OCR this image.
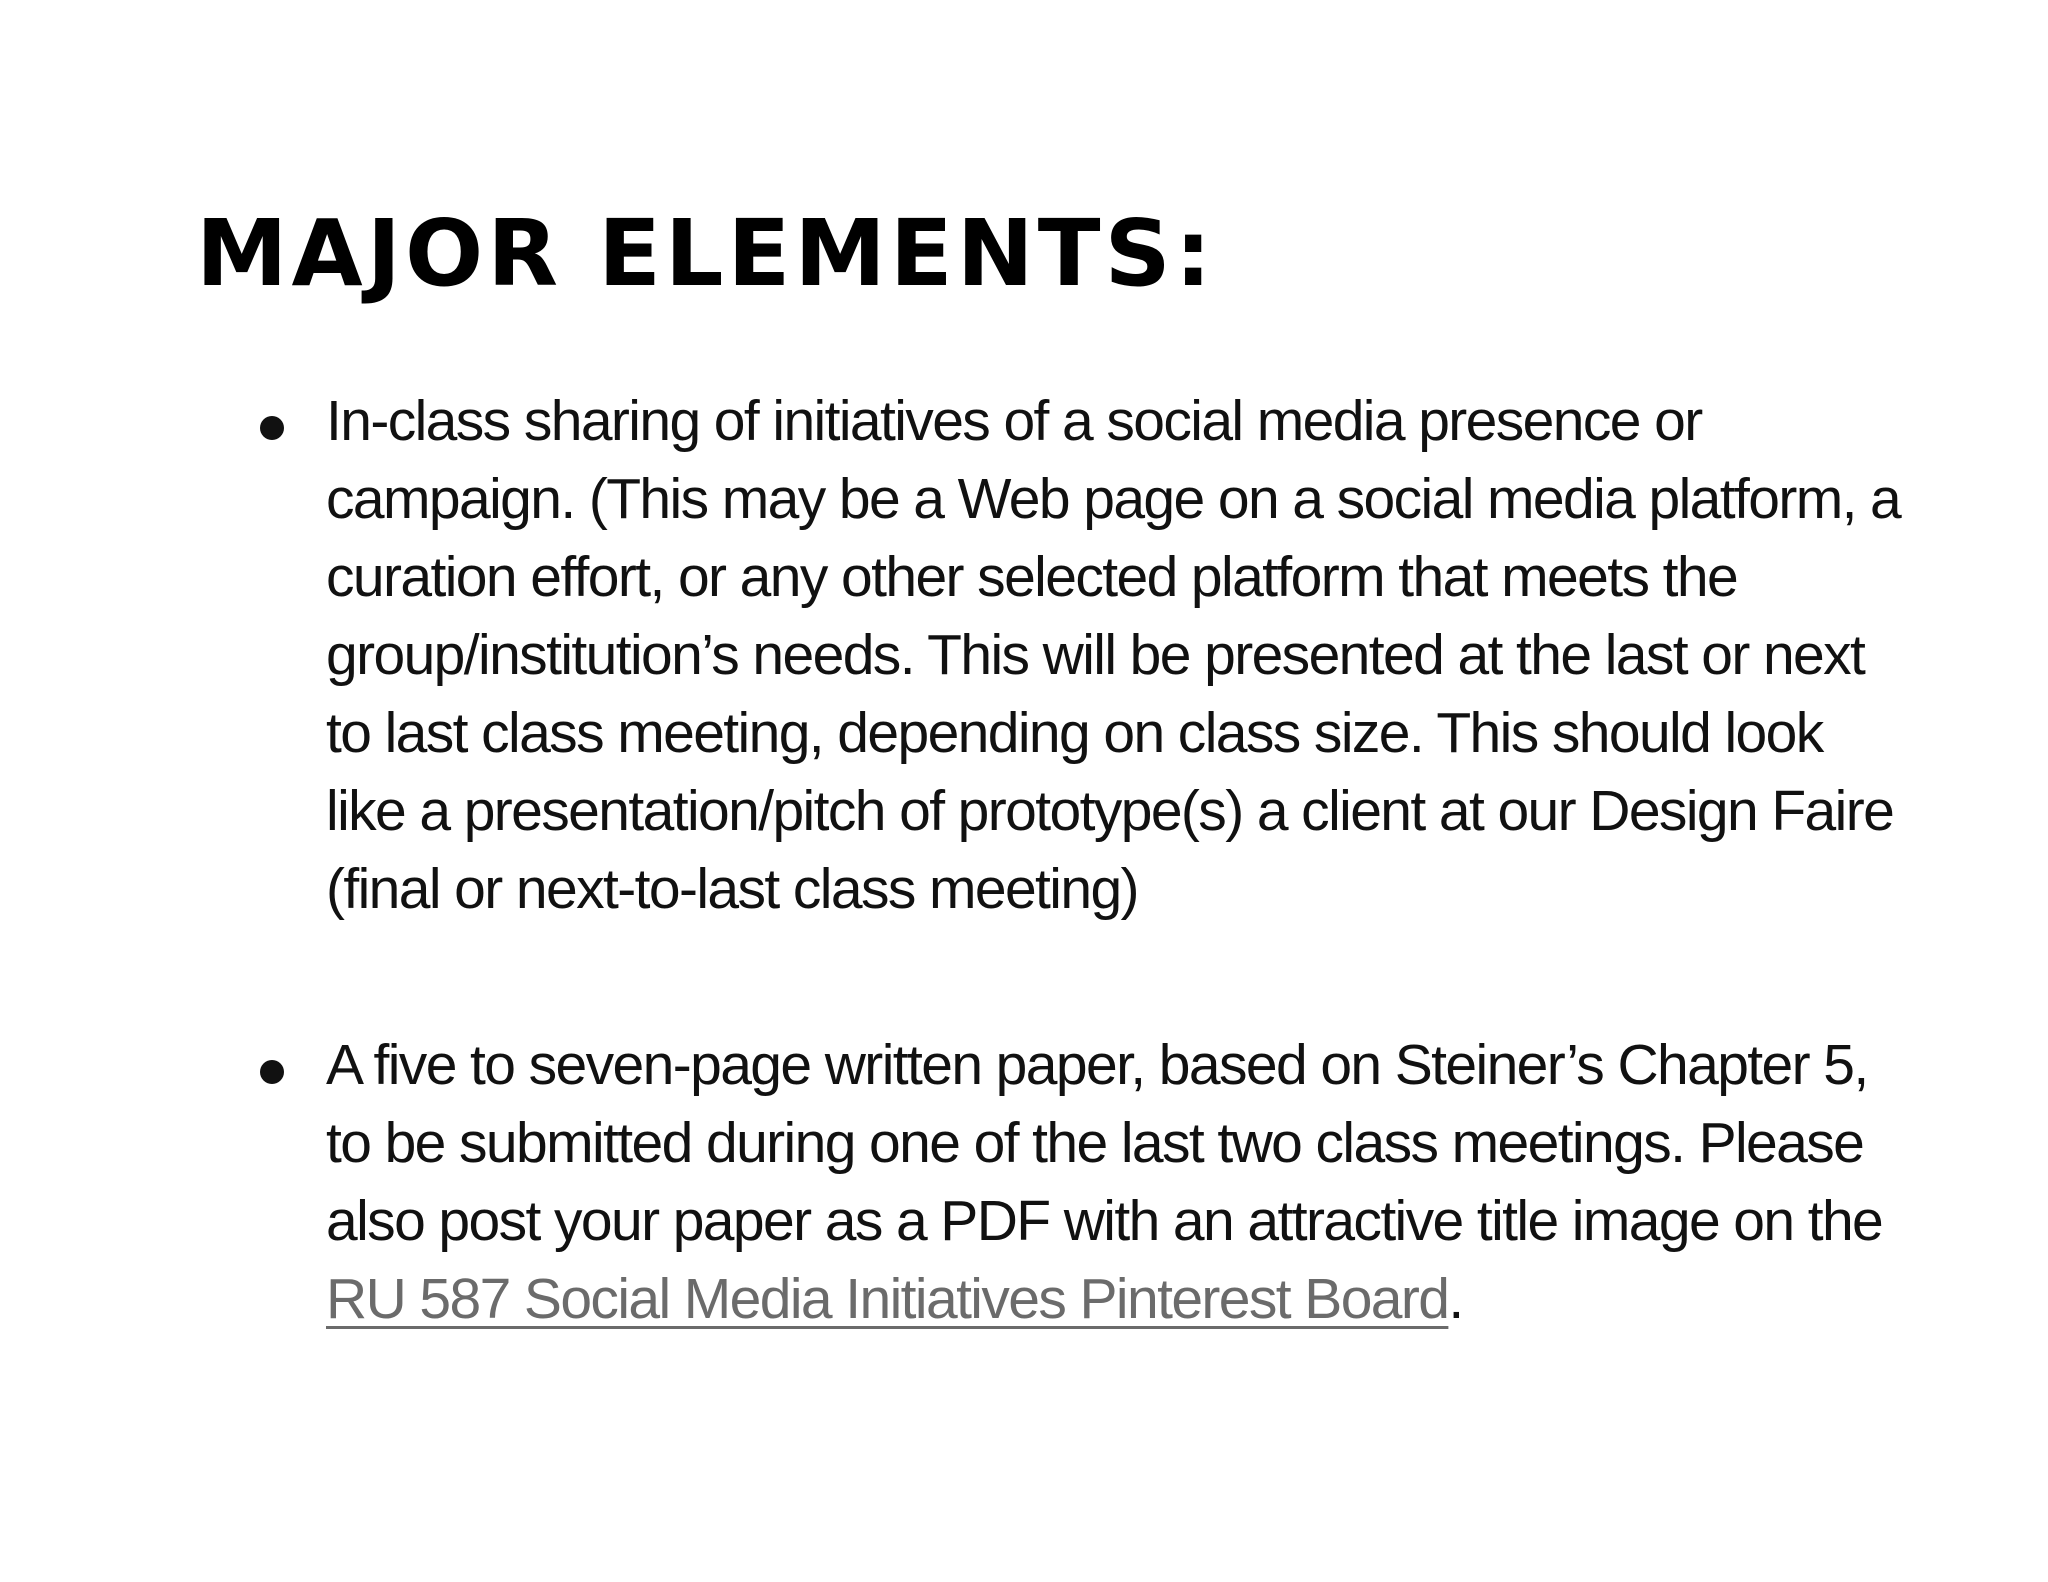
MAJOR ELEMENTS:
In-class sharing of initiatives of a social media presence or campaign. (This may be a Web page on a social media platform, a curation effort, or any other selected platform that meets the group/institution’s needs. This will be presented at the last or next to last class meeting, depending on class size. This should look like a presentation/pitch of prototype(s) a client at our Design Faire (final or next-to-last class meeting)
A five to seven-page written paper, based on Steiner’s Chapter 5, to be submitted during one of the last two class meetings. Please also post your paper as a PDF with an attractive title image on the RU 587 Social Media Initiatives Pinterest Board.
